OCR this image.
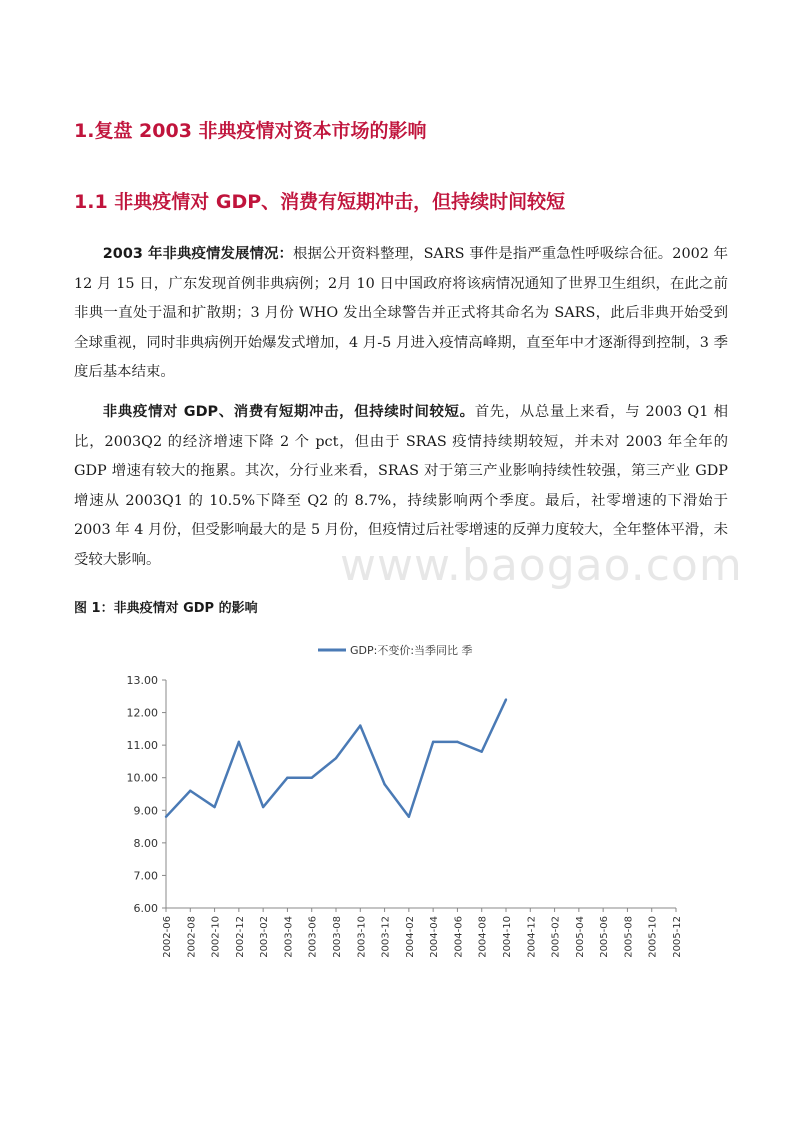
1.复盘 2003 非典疫情对资本市场的影响
1.1 非典疫情对 GDP、消费有短期冲击，但持续时间较短

2003 年非典疫情发展情况：根据公开资料整理，SARS 事件是指严重急性呼吸综合征。2002 年 12 月 15 日，广东发现首例非典病例；2月 10 日中国政府将该病情况通知了世界卫生组织，在此之前非典一直处于温和扩散期；3 月份 WHO 发出全球警告并正式将其命名为 SARS，此后非典开始受到全球重视，同时非典病例开始爆发式增加，4 月-5 月进入疫情高峰期，直至年中才逐渐得到控制，3 季度后基本结束。

非典疫情对 GDP、消费有短期冲击，但持续时间较短。首先，从总量上来看，与 2003 Q1 相比，2003Q2 的经济增速下降 2 个 pct，但由于 SRAS 疫情持续期较短，并未对 2003 年全年的 GDP 增速有较大的拖累。其次，分行业来看，SRAS 对于第三产业影响持续性较强，第三产业 GDP 增速从 2003Q1 的 10.5%下降至 Q2 的 8.7%，持续影响两个季度。最后，社零增速的下滑始于 2003 年 4 月份，但受影响最大的是 5 月份，但疫情过后社零增速的反弹力度较大，全年整体平滑，未受较大影响。	www.baogao.com

图 1：非典疫情对 GDP 的影响

GDP:不变价:当季同比 季
6.00
7.00
8.00
9.00
10.00
11.00
12.00
13.00
2002-06 2002-08 2002-10 2002-12 2003-02 2003-04 2003-06 2003-08 2003-10 2003-12 2004-02 2004-04 2004-06 2004-08 2004-10 2004-12 2005-02 2005-04 2005-06 2005-08 2005-10 2005-12
